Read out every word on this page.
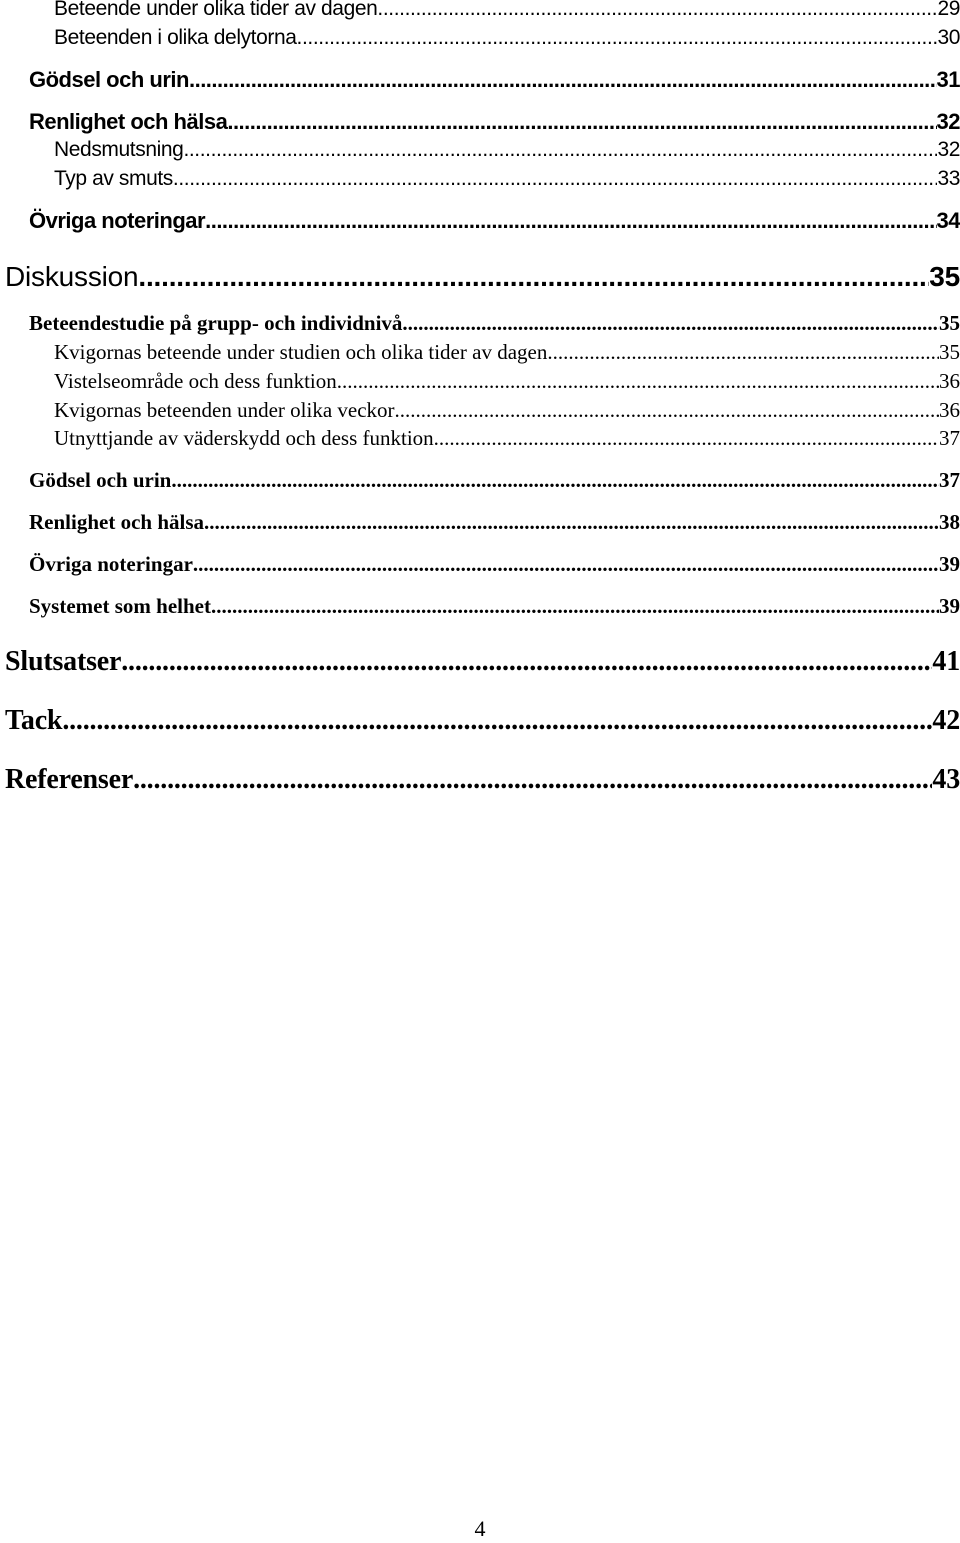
Beteende under olika tider av dagen .....	29
Beteenden i olika delytorna .....	30
Gödsel och urin .....	31
Renlighet och hälsa .....	32
Nedsmutsning .....	32
Typ av smuts .....	33
Övriga noteringar .....	34
Diskussion .....	35
Beteendestudie på grupp- och individnivå .....	35
Kvigornas beteende under studien och olika tider av dagen .....	35
Vistelseområde och dess funktion .....	36
Kvigornas beteenden under olika veckor .....	36
Utnyttjande av väderskydd och dess funktion .....	37
Gödsel och urin .....	37
Renlighet och hälsa .....	38
Övriga noteringar .....	39
Systemet som helhet .....	39
Slutsatser .....	41
Tack .....	42
Referenser .....	43
4
